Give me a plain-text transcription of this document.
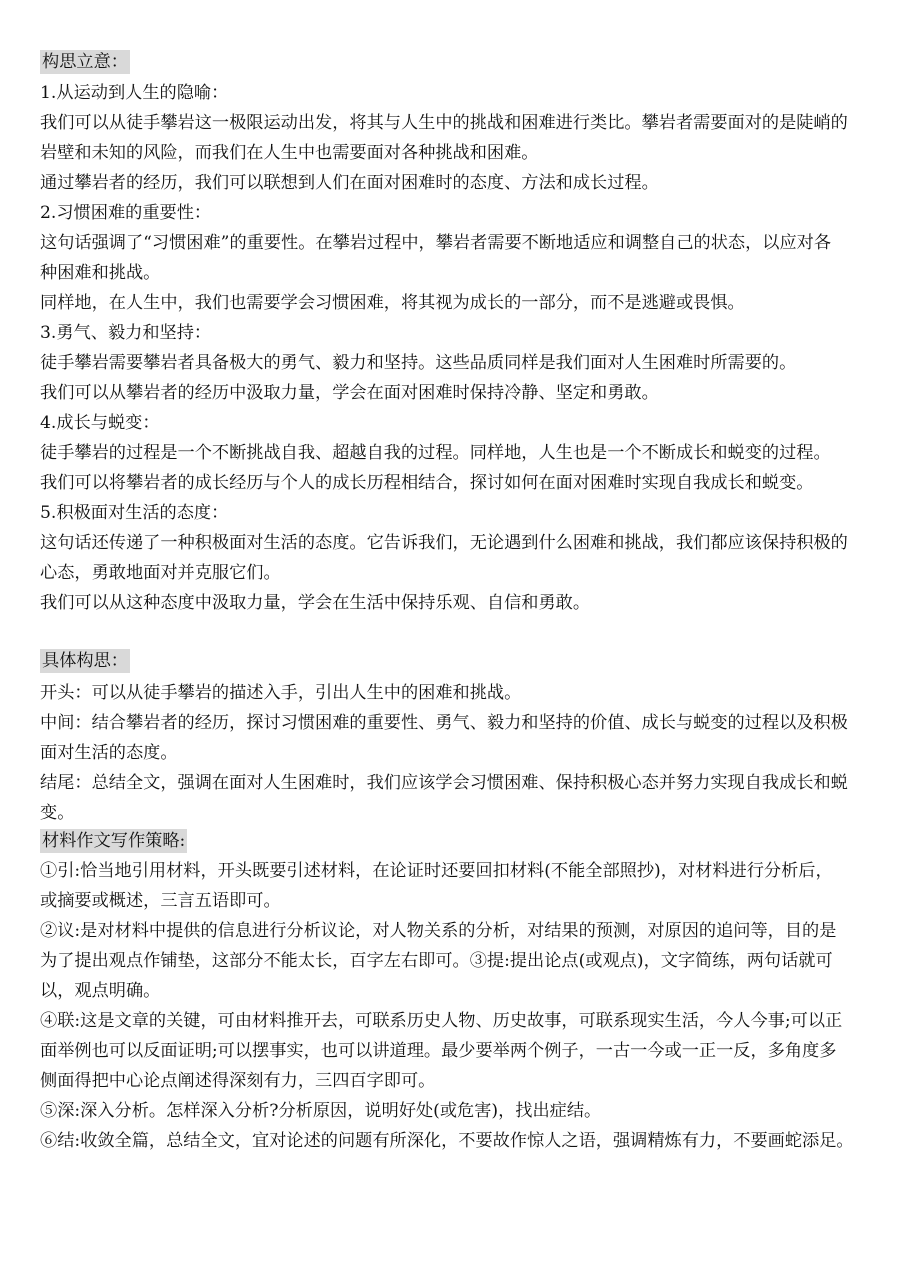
构思立意：
1.从运动到人生的隐喻：
我们可以从徒手攀岩这一极限运动出发，将其与人生中的挑战和困难进行类比。攀岩者需要面对的是陡峭的
岩壁和未知的风险，而我们在人生中也需要面对各种挑战和困难。
通过攀岩者的经历，我们可以联想到人们在面对困难时的态度、方法和成长过程。
2.习惯困难的重要性：
这句话强调了“习惯困难”的重要性。在攀岩过程中，攀岩者需要不断地适应和调整自己的状态，以应对各
种困难和挑战。
同样地，在人生中，我们也需要学会习惯困难，将其视为成长的一部分，而不是逃避或畏惧。
3.勇气、毅力和坚持：
徒手攀岩需要攀岩者具备极大的勇气、毅力和坚持。这些品质同样是我们面对人生困难时所需要的。
我们可以从攀岩者的经历中汲取力量，学会在面对困难时保持冷静、坚定和勇敢。
4.成长与蜕变：
徒手攀岩的过程是一个不断挑战自我、超越自我的过程。同样地，人生也是一个不断成长和蜕变的过程。
我们可以将攀岩者的成长经历与个人的成长历程相结合，探讨如何在面对困难时实现自我成长和蜕变。
5.积极面对生活的态度：
这句话还传递了一种积极面对生活的态度。它告诉我们，无论遇到什么困难和挑战，我们都应该保持积极的
心态，勇敢地面对并克服它们。
我们可以从这种态度中汲取力量，学会在生活中保持乐观、自信和勇敢。
具体构思：
开头：可以从徒手攀岩的描述入手，引出人生中的困难和挑战。
中间：结合攀岩者的经历，探讨习惯困难的重要性、勇气、毅力和坚持的价值、成长与蜕变的过程以及积极
面对生活的态度。
结尾：总结全文，强调在面对人生困难时，我们应该学会习惯困难、保持积极心态并努力实现自我成长和蜕
变。
材料作文写作策略:
①引:恰当地引用材料，开头既要引述材料，在论证时还要回扣材料(不能全部照抄)，对材料进行分析后，
或摘要或概述，三言五语即可。
②议:是对材料中提供的信息进行分析议论，对人物关系的分析，对结果的预测，对原因的追问等，目的是
为了提出观点作铺垫，这部分不能太长，百字左右即可。③提:提出论点(或观点)，文字简练，两句话就可
以，观点明确。
④联:这是文章的关键，可由材料推开去，可联系历史人物、历史故事，可联系现实生活，今人今事;可以正
面举例也可以反面证明;可以摆事实，也可以讲道理。最少要举两个例子，一古一今或一正一反，多角度多
侧面得把中心论点阐述得深刻有力，三四百字即可。
⑤深:深入分析。怎样深入分析?分析原因，说明好处(或危害)，找出症结。
⑥结:收敛全篇，总结全文，宜对论述的问题有所深化，不要故作惊人之语，强调精炼有力，不要画蛇添足。
